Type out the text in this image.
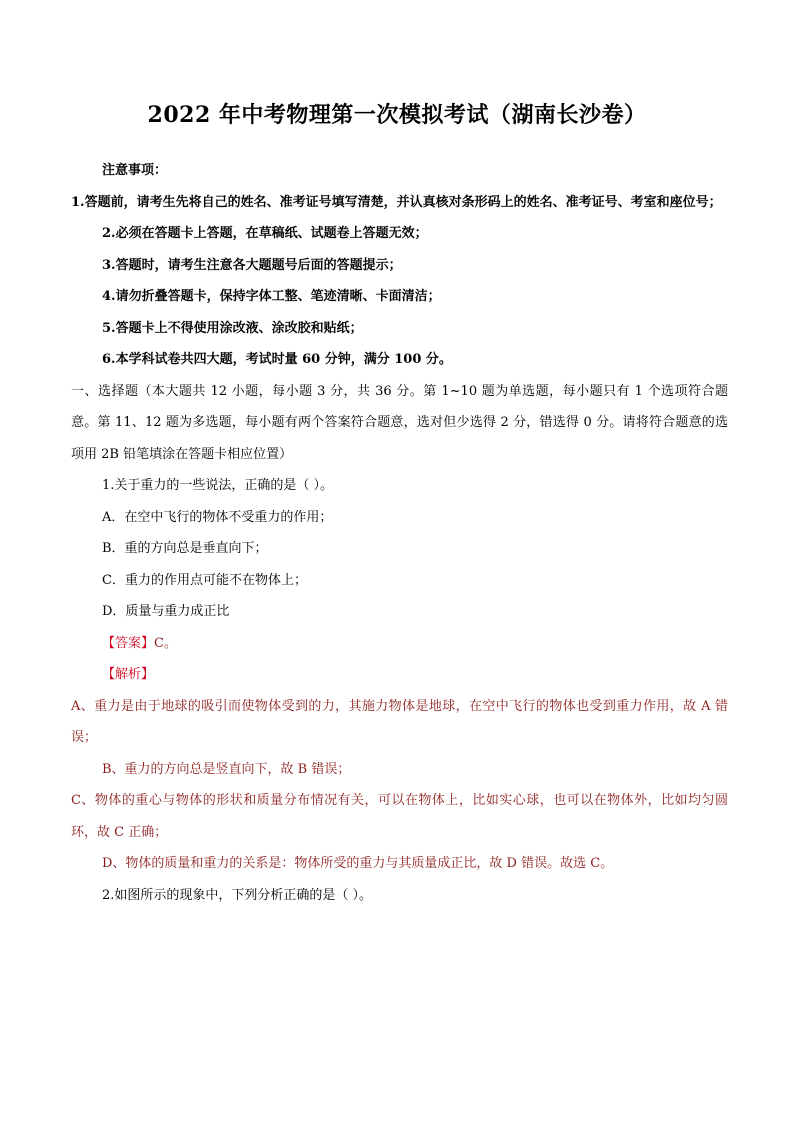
2022 年中考物理第一次模拟考试（湖南长沙卷）
注意事项：
1.答题前，请考生先将自己的姓名、准考证号填写清楚，并认真核对条形码上的姓名、准考证号、考室和座位号；
2.必须在答题卡上答题，在草稿纸、试题卷上答题无效；
3.答题时，请考生注意各大题题号后面的答题提示；
4.请勿折叠答题卡，保持字体工整、笔迹清晰、卡面清洁；
5.答题卡上不得使用涂改液、涂改胶和贴纸；
6.本学科试卷共四大题，考试时量 60 分钟，满分 100 分。
一、选择题（本大题共 12 小题，每小题 3 分，共 36 分。第 1~10 题为单选题，每小题只有 1 个选项符合题意。第 11、12 题为多选题，每小题有两个答案符合题意，选对但少选得 2 分，错选得 0 分。请将符合题意的选项用 2B 铅笔填涂在答题卡相应位置）
1.关于重力的一些说法，正确的是（ ）。
A．在空中飞行的物体不受重力的作用；
B．重的方向总是垂直向下；
C．重力的作用点可能不在物体上；
D．质量与重力成正比
【答案】C。
【解析】
A、重力是由于地球的吸引而使物体受到的力，其施力物体是地球，在空中飞行的物体也受到重力作用，故 A 错误；
B、重力的方向总是竖直向下，故 B 错误；
C、物体的重心与物体的形状和质量分布情况有关，可以在物体上，比如实心球，也可以在物体外，比如均匀圆环，故 C 正确；
D、物体的质量和重力的关系是：物体所受的重力与其质量成正比，故 D 错误。故选 C。
2.如图所示的现象中，下列分析正确的是（ ）。
